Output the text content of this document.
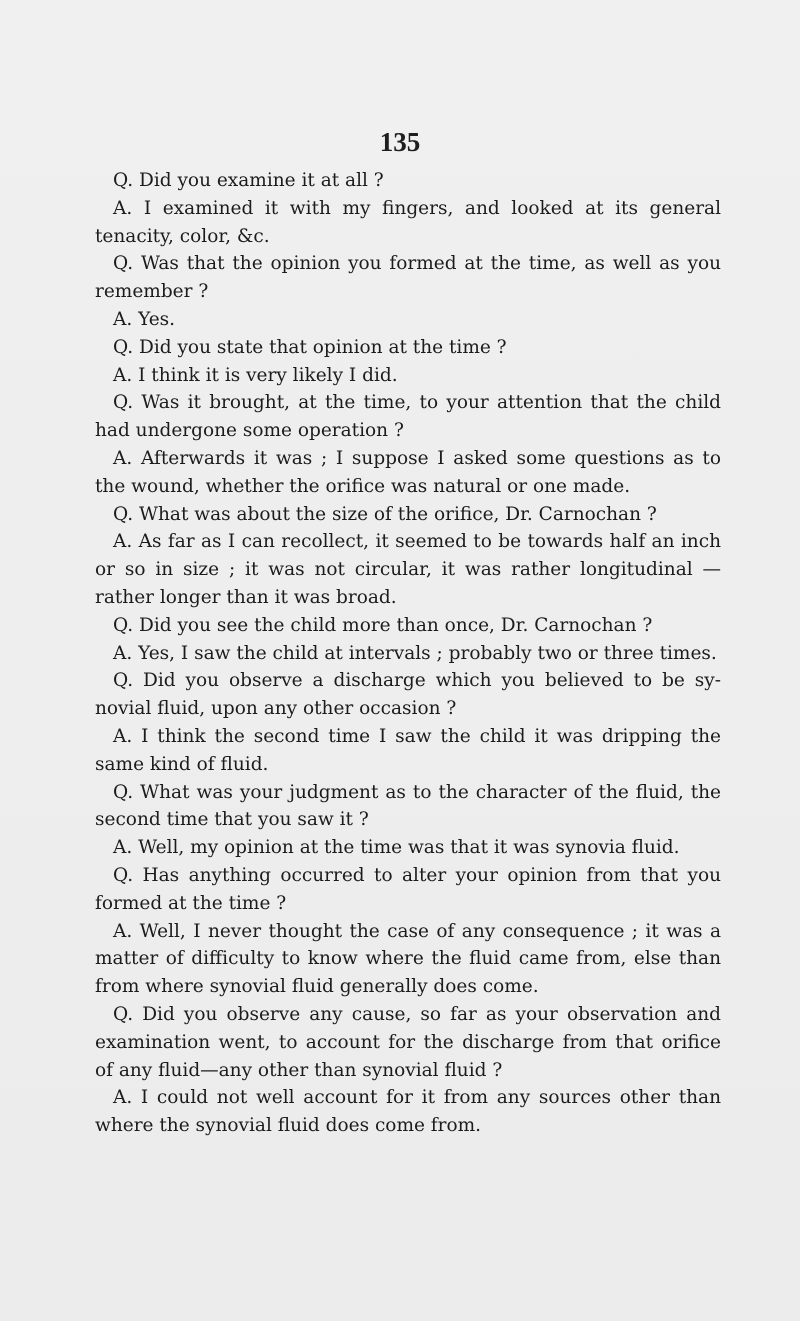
135

Q. Did you examine it at all ?

A. I examined it with my fingers, and looked at its general tenacity, color, &c.

Q. Was that the opinion you formed at the time, as well as you remember ?

A. Yes.

Q. Did you state that opinion at the time ?

A. I think it is very likely I did.

Q. Was it brought, at the time, to your attention that the child had undergone some operation ?

A. Afterwards it was ; I suppose I asked some questions as to the wound, whether the orifice was natural or one made.

Q. What was about the size of the orifice, Dr. Carnochan ?

A. As far as I can recollect, it seemed to be towards half an inch or so in size ; it was not circular, it was rather longitudinal —rather longer than it was broad.

Q. Did you see the child more than once, Dr. Carnochan ?

A. Yes, I saw the child at intervals ; probably two or three times.

Q. Did you observe a discharge which you believed to be sy- novial fluid, upon any other occasion ?

A. I think the second time I saw the child it was dripping the same kind of fluid.

Q. What was your judgment as to the character of the fluid, the second time that you saw it ?

A. Well, my opinion at the time was that it was synovia fluid.

Q. Has anything occurred to alter your opinion from that you formed at the time ?

A. Well, I never thought the case of any consequence ; it was a matter of difficulty to know where the fluid came from, else than from where synovial fluid generally does come.

Q. Did you observe any cause, so far as your observation and examination went, to account for the discharge from that orifice of any fluid—any other than synovial fluid ?

A. I could not well account for it from any sources other than where the synovial fluid does come from.
